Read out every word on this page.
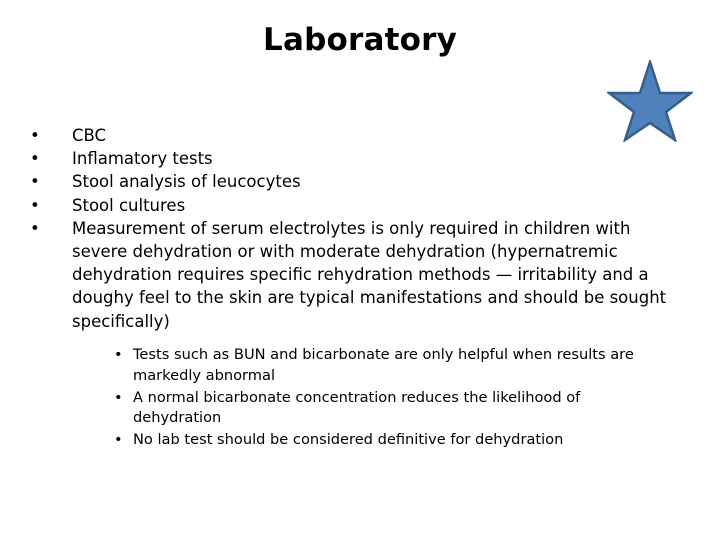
Laboratory
• CBC
• Inflamatory tests
• Stool analysis of leucocytes
• Stool cultures
• Measurement of serum electrolytes is only required in children with severe dehydration or with moderate dehydration (hypernatremic dehydration requires specific rehydration methods — irritability and a doughy feel to the skin are typical manifestations and should be sought specifically)
• Tests such as BUN and bicarbonate are only helpful when results are markedly abnormal
• A normal bicarbonate concentration reduces the likelihood of dehydration
• No lab test should be considered definitive for dehydration
